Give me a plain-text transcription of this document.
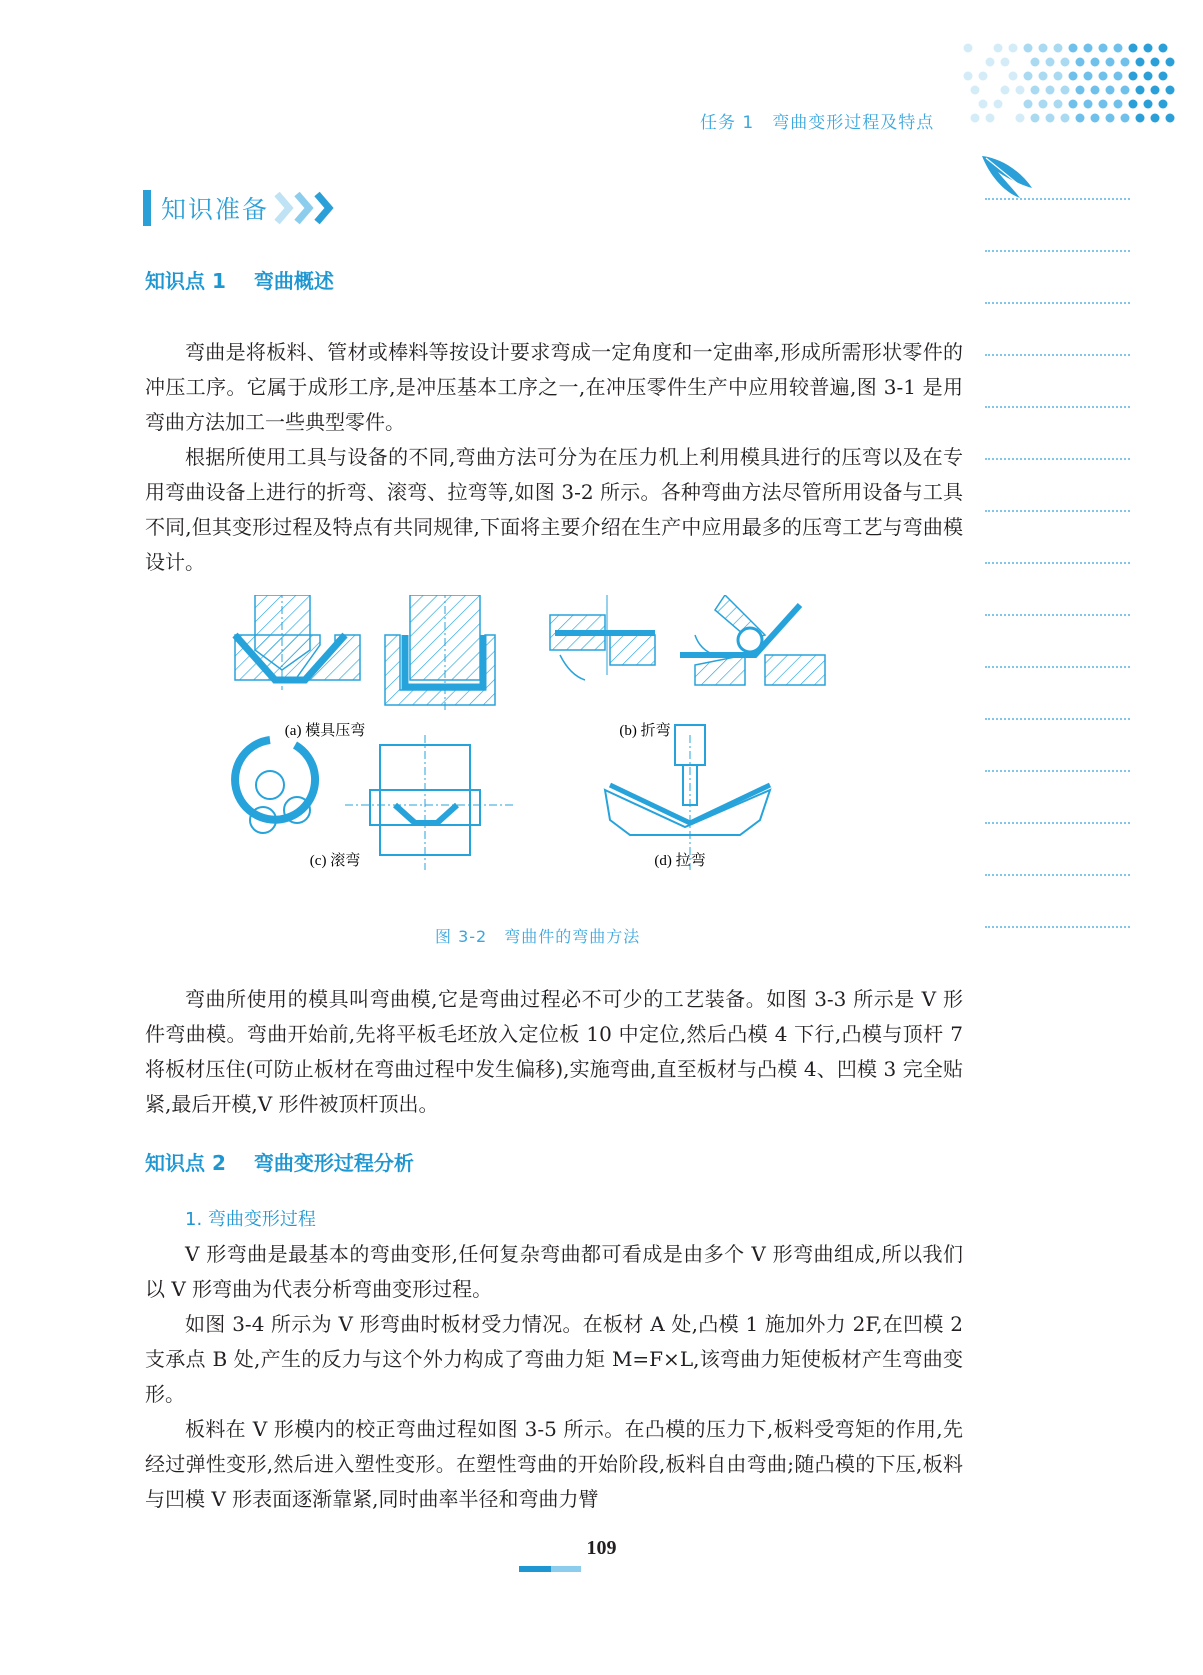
任务 1　弯曲变形过程及特点
知识准备
知识点 1 弯曲概述

弯曲是将板料、管材或棒料等按设计要求弯成一定角度和一定曲率,形成所需形状零件的冲压工序。它属于成形工序,是冲压基本工序之一,在冲压零件生产中应用较普遍,图 3-1 是用弯曲方法加工一些典型零件。

根据所使用工具与设备的不同,弯曲方法可分为在压力机上利用模具进行的压弯以及在专用弯曲设备上进行的折弯、滚弯、拉弯等,如图 3-2 所示。各种弯曲方法尽管所用设备与工具不同,但其变形过程及特点有共同规律,下面将主要介绍在生产中应用最多的压弯工艺与弯曲模设计。

(a) 模具压弯	(b) 折弯
(c) 滚弯	(d) 拉弯
图 3-2　弯曲件的弯曲方法

弯曲所使用的模具叫弯曲模,它是弯曲过程必不可少的工艺装备。如图 3-3 所示是 V 形件弯曲模。弯曲开始前,先将平板毛坯放入定位板 10 中定位,然后凸模 4 下行,凸模与顶杆 7 将板材压住(可防止板材在弯曲过程中发生偏移),实施弯曲,直至板材与凸模 4、凹模 3 完全贴紧,最后开模,V 形件被顶杆顶出。

知识点 2 弯曲变形过程分析
1. 弯曲变形过程

V 形弯曲是最基本的弯曲变形,任何复杂弯曲都可看成是由多个 V 形弯曲组成,所以我们以 V 形弯曲为代表分析弯曲变形过程。

如图 3-4 所示为 V 形弯曲时板材受力情况。在板材 A 处,凸模 1 施加外力 2F,在凹模 2 支承点 B 处,产生的反力与这个外力构成了弯曲力矩 M=F×L,该弯曲力矩使板材产生弯曲变形。

板料在 V 形模内的校正弯曲过程如图 3-5 所示。在凸模的压力下,板料受弯矩的作用,先经过弹性变形,然后进入塑性变形。在塑性弯曲的开始阶段,板料自由弯曲;随凸模的下压,板料与凹模 V 形表面逐渐靠紧,同时曲率半径和弯曲力臂

109
